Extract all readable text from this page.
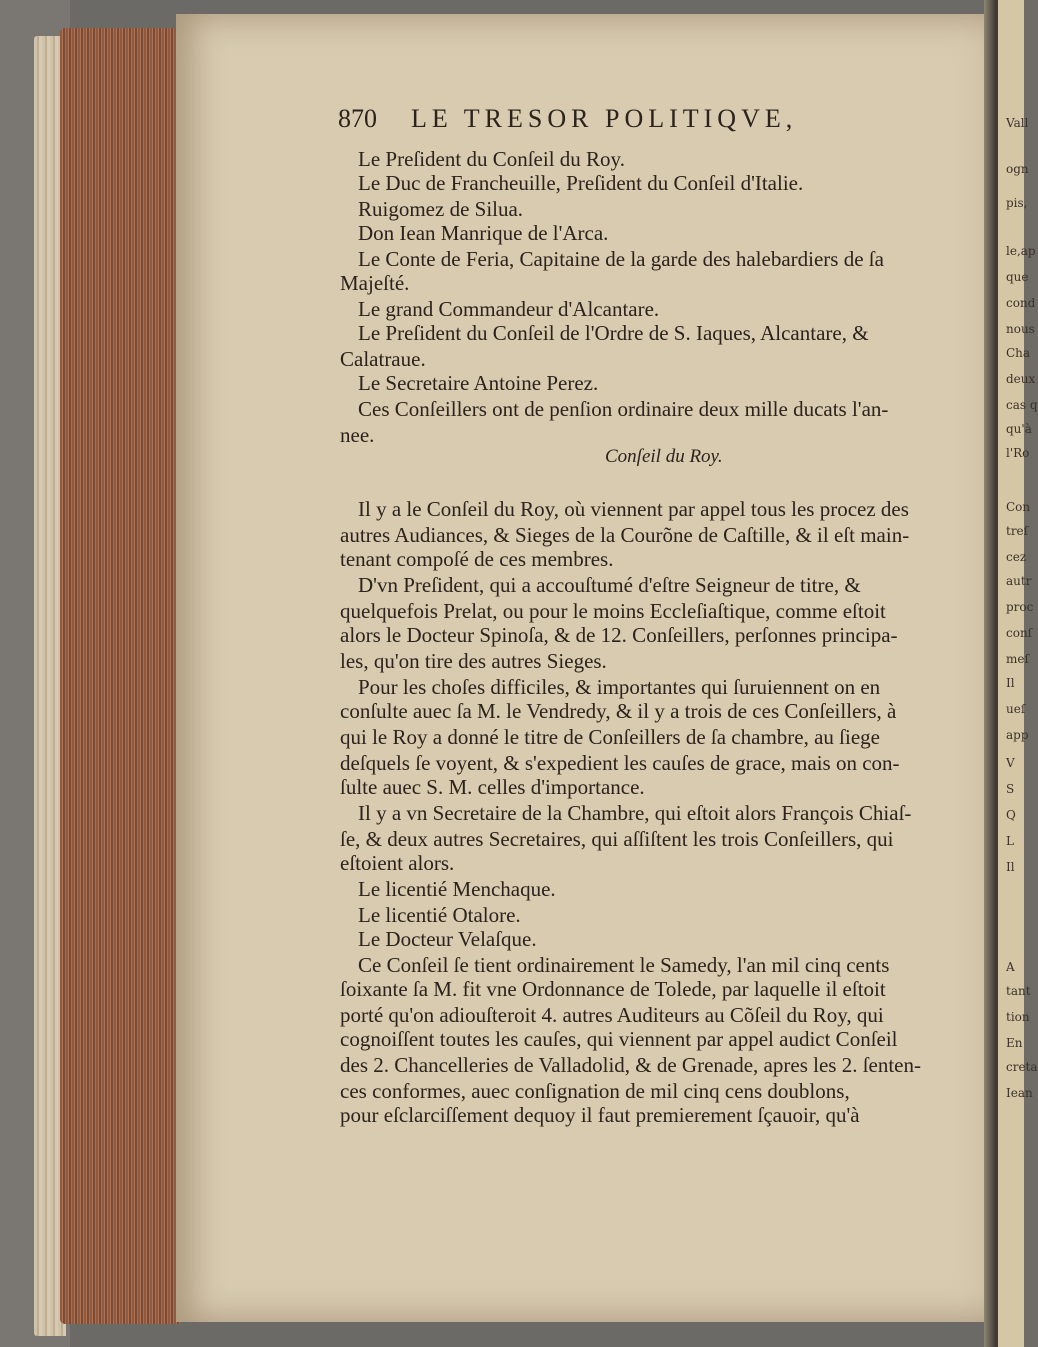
Vall
ogn
pis,
le,ap
que
cond
nous
Cha
deux
cas q
qu'à
l'Ro
Con
treſ
cez
autr
proc
conſ
meſ
Il
ueſ
app
V
S
Q
L
Il
A
tant
tion
En
creta
Iean
870 LE TRESOR POLITIQVE,
Le Preſident du Conſeil du Roy.
Le Duc de Francheuille, Preſident du Conſeil d'Italie.
Ruigomez de Silua.
Don Iean Manrique de l'Arca.
Le Conte de Feria, Capitaine de la garde des halebardiers de ſa
Majeſté.
Le grand Commandeur d'Alcantare.
Le Preſident du Conſeil de l'Ordre de S. Iaques, Alcantare, &
Calatraue.
Le Secretaire Antoine Perez.
Ces Conſeillers ont de penſion ordinaire deux mille ducats l'an-
nee.
Conſeil du Roy.
Il y a le Conſeil du Roy, où viennent par appel tous les procez des
autres Audiances, & Sieges de la Courõne de Caſtille, & il eſt main-
tenant compoſé de ces membres.
D'vn Preſident, qui a accouſtumé d'eſtre Seigneur de titre, &
quelquefois Prelat, ou pour le moins Eccleſiaſtique, comme eſtoit
alors le Docteur Spinoſa, & de 12. Conſeillers, perſonnes principa-
les, qu'on tire des autres Sieges.
Pour les choſes difficiles, & importantes qui ſuruiennent on en
conſulte auec ſa M. le Vendredy, & il y a trois de ces Conſeillers, à
qui le Roy a donné le titre de Conſeillers de ſa chambre, au ſiege
deſquels ſe voyent, & s'expedient les cauſes de grace, mais on con-
ſulte auec S. M. celles d'importance.
Il y a vn Secretaire de la Chambre, qui eſtoit alors François Chiaſ-
ſe, & deux autres Secretaires, qui aſſiſtent les trois Conſeillers, qui
eſtoient alors.
Le licentié Menchaque.
Le licentié Otalore.
Le Docteur Velaſque.
Ce Conſeil ſe tient ordinairement le Samedy, l'an mil cinq cents
ſoixante ſa M. fit vne Ordonnance de Tolede, par laquelle il eſtoit
porté qu'on adiouſteroit 4. autres Auditeurs au Cõſeil du Roy, qui
cognoiſſent toutes les cauſes, qui viennent par appel audict Conſeil
des 2. Chancelleries de Valladolid, & de Grenade, apres les 2. ſenten-
ces conformes, auec conſignation de mil cinq cens doublons,
pour eſclarciſſement dequoy il faut premierement ſçauoir, qu'à
